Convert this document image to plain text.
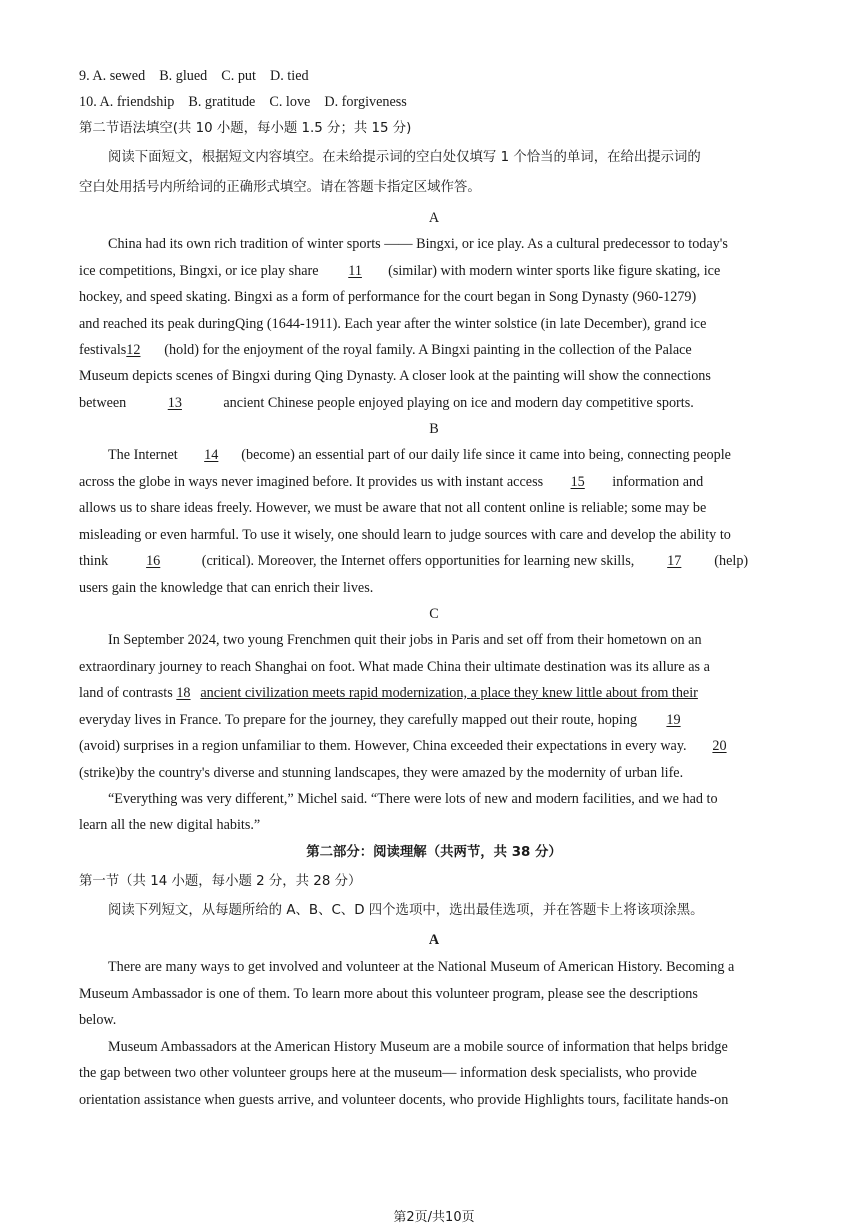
9. A. sewed B. glued C. put D. tied
10. A. friendship B. gratitude C. love D. forgiveness
第二节语法填空(共 10 小题，每小题 1.5 分；共 15 分)
阅读下面短文，根据短文内容填空。在未给提示词的空白处仅填写 1 个恰当的单词，在给出提示词的
空白处用括号内所给词的正确形式填空。请在答题卡指定区域作答。
A
China had its own rich tradition of winter sports —— Bingxi, or ice play. As a cultural predecessor to today's
ice competitions, Bingxi, or ice play share 11 (similar) with modern winter sports like figure skating, ice
hockey, and speed skating. Bingxi as a form of performance for the court began in Song Dynasty (960-1279)
and reached its peak duringQing (1644-1911). Each year after the winter solstice (in late December), grand ice
festivals12 (hold) for the enjoyment of the royal family. A Bingxi painting in the collection of the Palace
Museum depicts scenes of Bingxi during Qing Dynasty. A closer look at the painting will show the connections
between	13	ancient Chinese people enjoyed playing on ice and modern day competitive sports.
B
The Internet 14 (become) an essential part of our daily life since it came into being, connecting people
across the globe in ways never imagined before. It provides us with instant access 15 information and
allows us to share ideas freely. However, we must be aware that not all content online is reliable; some may be
misleading or even harmful. To use it wisely, one should learn to judge sources with care and develop the ability to
think	16	(critical). Moreover, the Internet offers opportunities for learning new skills, 17 (help)
users gain the knowledge that can enrich their lives.
C
In September 2024, two young Frenchmen quit their jobs in Paris and set off from their hometown on an
extraordinary journey to reach Shanghai on foot. What made China their ultimate destination was its allure as a
land of contrasts 18 ancient civilization meets rapid modernization, a place they knew little about from their
everyday lives in France. To prepare for the journey, they carefully mapped out their route, hoping 19
(avoid) surprises in a region unfamiliar to them. However, China exceeded their expectations in every way. 20
(strike)by the country's diverse and stunning landscapes, they were amazed by the modernity of urban life.
“Everything was very different,” Michel said. “There were lots of new and modern facilities, and we had to
learn all the new digital habits.”
第二部分：阅读理解（共两节，共 38 分）
第一节（共 14 小题，每小题 2 分，共 28 分）
阅读下列短文，从每题所给的 A、B、C、D 四个选项中，选出最佳选项，并在答题卡上将该项涂黑。
A
There are many ways to get involved and volunteer at the National Museum of American History. Becoming a
Museum Ambassador is one of them. To learn more about this volunteer program, please see the descriptions
below.
Museum Ambassadors at the American History Museum are a mobile source of information that helps bridge
the gap between two other volunteer groups here at the museum— information desk specialists, who provide
orientation assistance when guests arrive, and volunteer docents, who provide Highlights tours, facilitate hands-on
第2页/共10页
